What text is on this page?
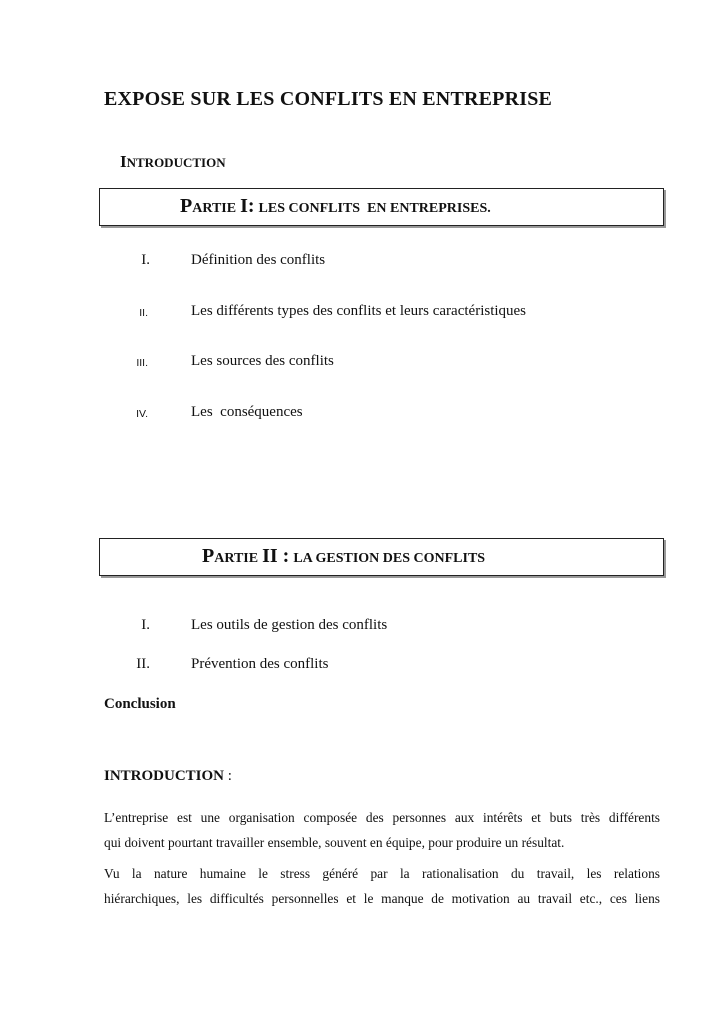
EXPOSE SUR LES CONFLITS EN ENTREPRISE
INTRODUCTION
PARTIE I: LES CONFLITS  EN ENTREPRISES.
I.	Définition des conflits
II.	Les différents types des conflits et leurs caractéristiques
III.	Les sources des conflits
IV.	Les  conséquences
PARTIE II : LA GESTION DES CONFLITS
I.	Les outils de gestion des conflits
II.	Prévention des conflits
Conclusion
INTRODUCTION :
L’entreprise est une organisation composée des personnes aux intérêts et buts très différents
qui doivent pourtant travailler ensemble, souvent en équipe, pour produire un résultat.
Vu la nature humaine le stress généré par la rationalisation du travail, les relations
hiérarchiques, les difficultés personnelles et le manque de motivation au travail etc., ces liens
